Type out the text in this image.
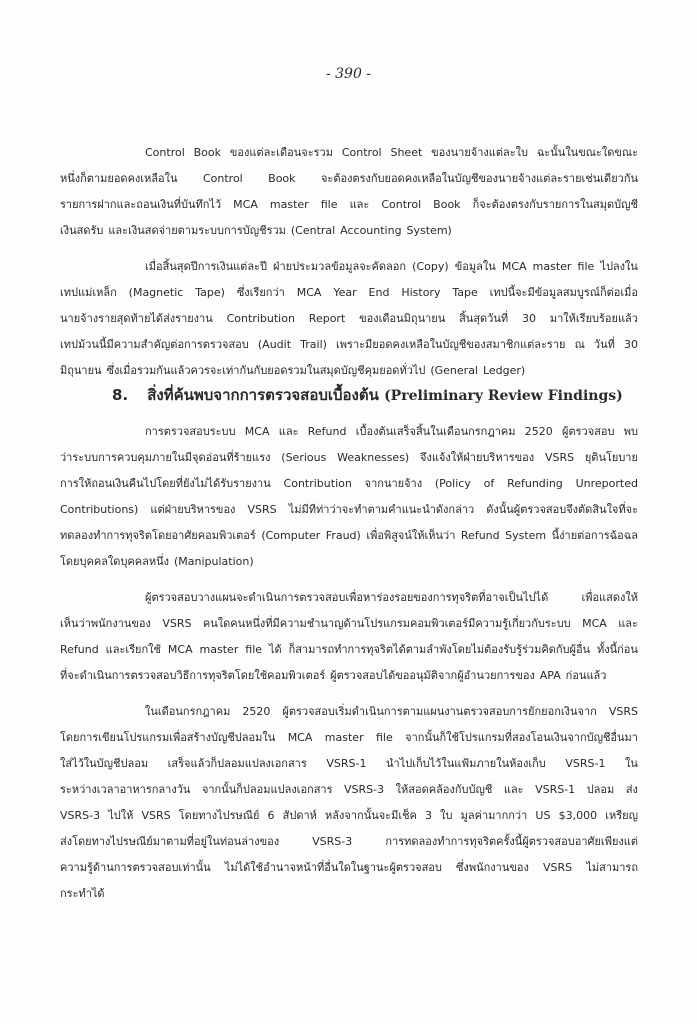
- 390 -
Control Book ของแต่ละเดือนจะรวม Control Sheet ของนายจ้างแต่ละใบ ฉะนั้นในขณะใดขณะ
หนึ่งก็ตามยอดคงเหลือใน Control Book จะต้องตรงกับยอดคงเหลือในบัญชีของนายจ้างแต่ละรายเช่นเดียวกัน
รายการฝากและถอนเงินที่บันทึกไว้ MCA master file และ Control Book ก็จะต้องตรงกับรายการในสมุดบัญชี
เงินสดรับ และเงินสดจ่ายตามระบบการบัญชีรวม (Central Accounting System)
เมื่อสิ้นสุดปีการเงินแต่ละปี ฝ่ายประมวลข้อมูลจะคัดลอก (Copy) ข้อมูลใน MCA master file ไปลงใน
เทปแม่เหล็ก (Magnetic Tape) ซึ่งเรียกว่า MCA Year End History Tape เทปนี้จะมีข้อมูลสมบูรณ์ก็ต่อเมื่อ
นายจ้างรายสุดท้ายได้ส่งรายงาน Contribution Report ของเดือนมิถุนายน สิ้นสุดวันที่ 30 มาให้เรียบร้อยแล้ว
เทปม้วนนี้มีความสำคัญต่อการตรวจสอบ (Audit Trail) เพราะมียอดคงเหลือในบัญชีของสมาชิกแต่ละราย ณ วันที่ 30
มิถุนายน ซึ่งเมื่อรวมกันแล้วควรจะเท่ากันกับยอดรวมในสมุดบัญชีคุมยอดทั่วไป (General Ledger)
8. สิ่งที่ค้นพบจากการตรวจสอบเบื้องต้น (Preliminary Review Findings)
การตรวจสอบระบบ MCA และ Refund เบื้องต้นเสร็จสิ้นในเดือนกรกฎาคม 2520 ผู้ตรวจสอบ พบ
ว่าระบบการควบคุมภายในมีจุดอ่อนที่ร้ายแรง (Serious Weaknesses) จึงแจ้งให้ฝ่ายบริหารของ VSRS ยุตินโยบาย
การให้ถอนเงินคืนไปโดยที่ยังไม่ได้รับรายงาน Contribution จากนายจ้าง (Policy of Refunding Unreported
Contributions) แต่ฝ่ายบริหารของ VSRS ไม่มีทีท่าว่าจะทำตามคำแนะนำดังกล่าว ดังนั้นผู้ตรวจสอบจึงตัดสินใจที่จะ
ทดลองทำการทุจริตโดยอาศัยคอมพิวเตอร์ (Computer Fraud) เพื่อพิสูจน์ให้เห็นว่า Refund System นี้ง่ายต่อการฉ้อฉล
โดยบุคคลใดบุคคลหนึ่ง (Manipulation)
ผู้ตรวจสอบวางแผนจะดำเนินการตรวจสอบเพื่อหาร่องรอยของการทุจริตที่อาจเป็นไปได้	เพื่อแสดงให้
เห็นว่าพนักงานของ VSRS คนใดคนหนึ่งที่มีความชำนาญด้านโปรแกรมคอมพิวเตอร์มีความรู้เกี่ยวกับระบบ MCA และ
Refund และเรียกใช้ MCA master file ได้ ก็สามารถทำการทุจริตได้ตามลำพังโดยไม่ต้องรับรู้ร่วมคิดกับผู้อื่น ทั้งนี้ก่อน
ที่จะดำเนินการตรวจสอบวิธีการทุจริตโดยใช้คอมพิวเตอร์ ผู้ตรวจสอบได้ขออนุมัติจากผู้อำนวยการของ APA ก่อนแล้ว
ในเดือนกรกฎาคม 2520 ผู้ตรวจสอบเริ่มดำเนินการตามแผนงานตรวจสอบการยักยอกเงินจาก VSRS
โดยการเขียนโปรแกรมเพื่อสร้างบัญชีปลอมใน MCA master file จากนั้นก็ใช้โปรแกรมที่สองโอนเงินจากบัญชีอื่นมา
ใส่ไว้ในบัญชีปลอม เสร็จแล้วก็ปลอมแปลงเอกสาร VSRS-1 นำไปเก็บไว้ในแฟ้มภายในห้องเก็บ VSRS-1 ใน
ระหว่างเวลาอาหารกลางวัน จากนั้นก็ปลอมแปลงเอกสาร VSRS-3 ให้สอดคล้องกับบัญชี และ VSRS-1 ปลอม ส่ง
VSRS-3 ไปให้ VSRS โดยทางไปรษณีย์ 6 สัปดาห์ หลังจากนั้นจะมีเช็ค 3 ใบ มูลค่ามากกว่า US $3,000 เหรียญ
ส่งโดยทางไปรษณีย์มาตามที่อยู่ในท่อนล่างของ	VSRS-3	การทดลองทำการทุจริตครั้งนี้ผู้ตรวจสอบอาศัยเพียงแต่
ความรู้ด้านการตรวจสอบเท่านั้น ไม่ได้ใช้อำนาจหน้าที่อื่นใดในฐานะผู้ตรวจสอบ ซึ่งพนักงานของ VSRS ไม่สามารถ
กระทำได้
